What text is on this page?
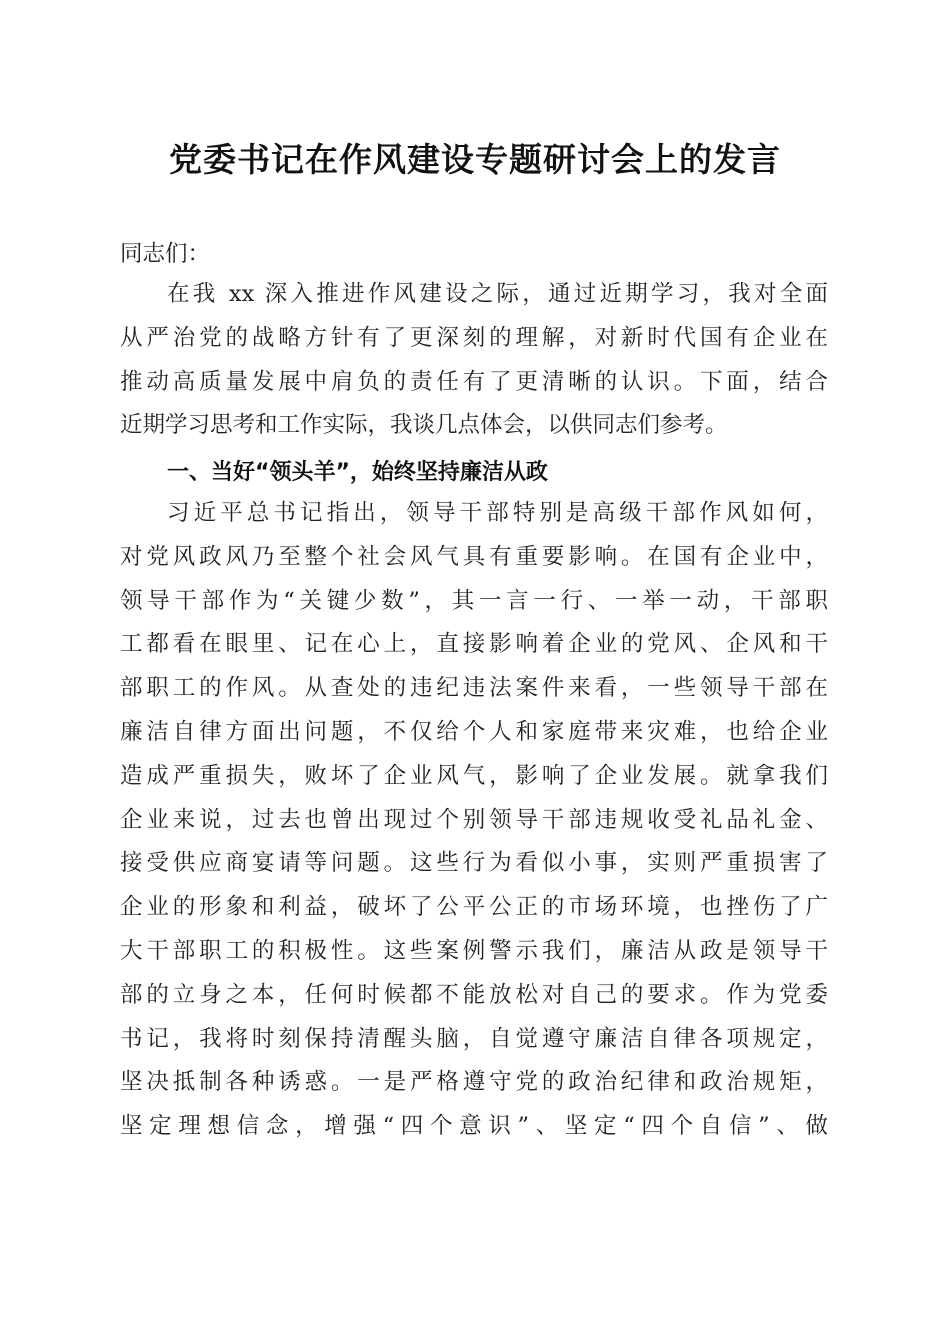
党委书记在作风建设专题研讨会上的发言

同志们：

在我 xx 深入推进作风建设之际，通过近期学习，我对全面
从严治党的战略方针有了更深刻的理解，对新时代国有企业在
推动高质量发展中肩负的责任有了更清晰的认识。下面，结合
近期学习思考和工作实际，我谈几点体会，以供同志们参考。

一、当好“领头羊”，始终坚持廉洁从政

习近平总书记指出，领导干部特别是高级干部作风如何，
对党风政风乃至整个社会风气具有重要影响。在国有企业中，
领导干部作为“关键少数”，其一言一行、一举一动，干部职
工都看在眼里、记在心上，直接影响着企业的党风、企风和干
部职工的作风。从查处的违纪违法案件来看，一些领导干部在
廉洁自律方面出问题，不仅给个人和家庭带来灾难，也给企业
造成严重损失，败坏了企业风气，影响了企业发展。就拿我们
企业来说，过去也曾出现过个别领导干部违规收受礼品礼金、
接受供应商宴请等问题。这些行为看似小事，实则严重损害了
企业的形象和利益，破坏了公平公正的市场环境，也挫伤了广
大干部职工的积极性。这些案例警示我们，廉洁从政是领导干
部的立身之本，任何时候都不能放松对自己的要求。作为党委
书记，我将时刻保持清醒头脑，自觉遵守廉洁自律各项规定，
坚决抵制各种诱惑。一是严格遵守党的政治纪律和政治规矩，
坚定理想信念，增强“四个意识”、坚定“四个自信”、做
